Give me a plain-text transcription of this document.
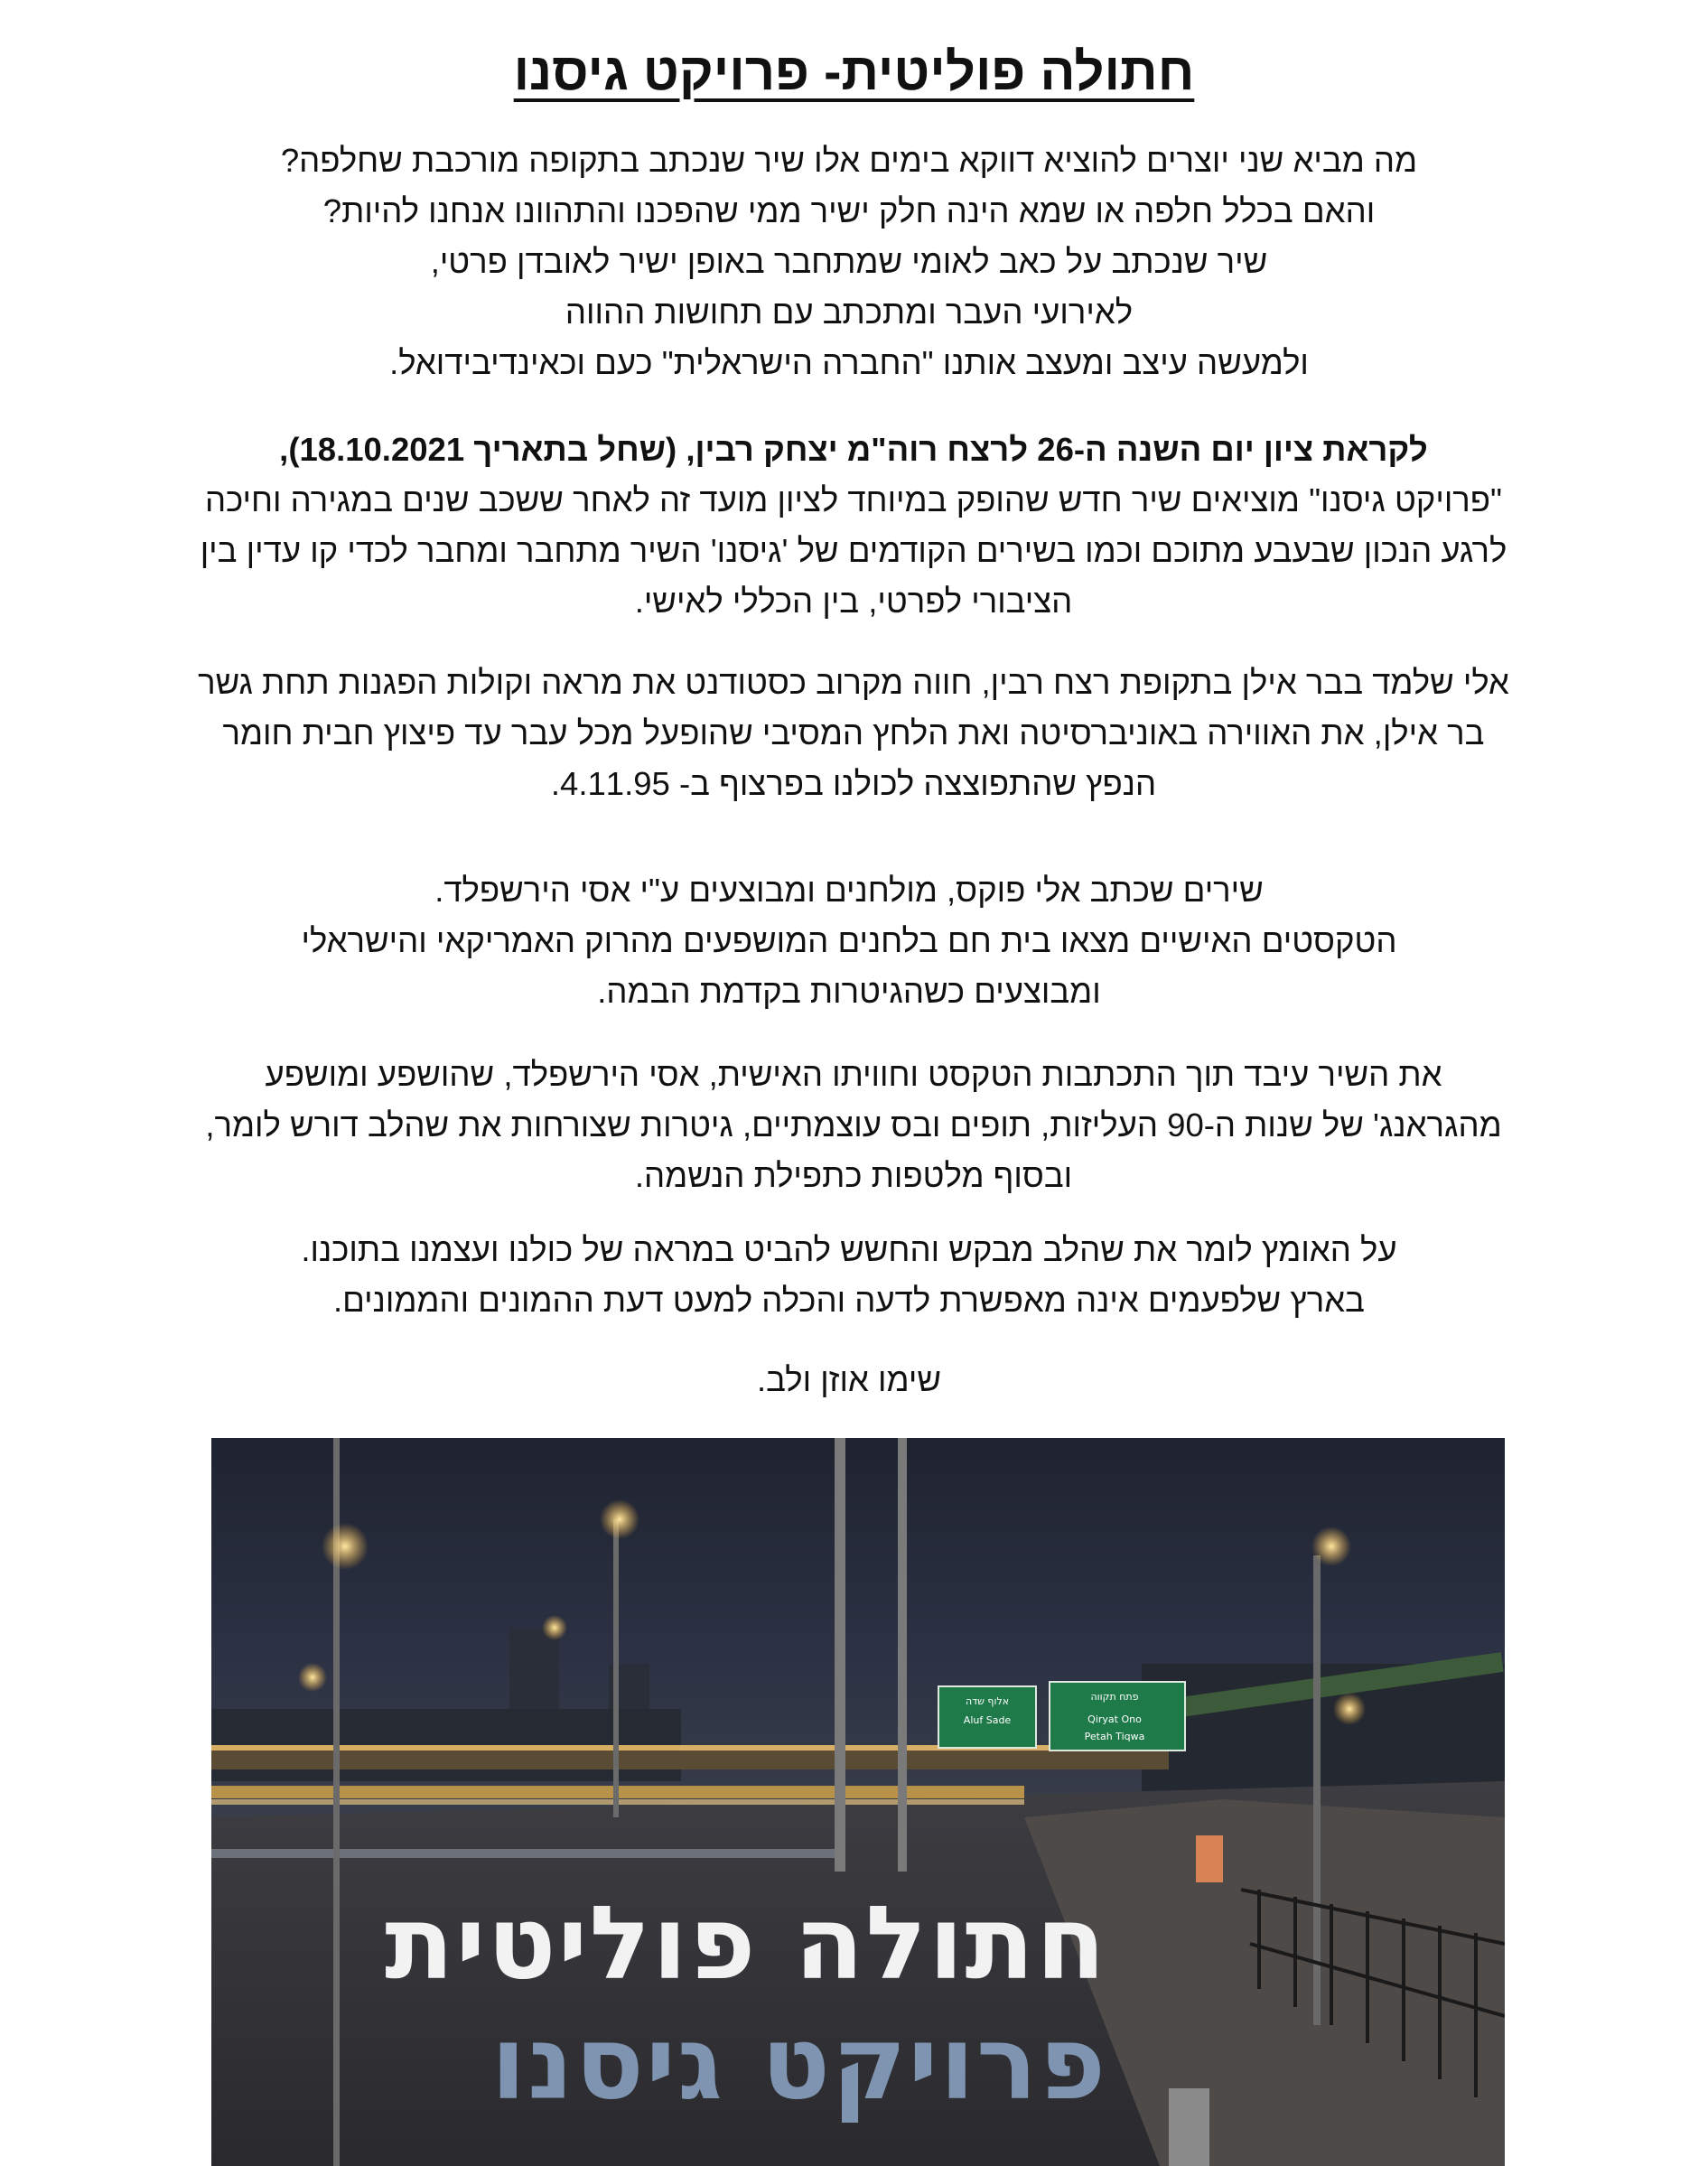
חתולה פוליטית- פרויקט גיסנו

מה מביא שני יוצרים להוציא דווקא בימים אלו שיר שנכתב בתקופה מורכבת שחלפה?
והאם בכלל חלפה או שמא הינה חלק ישיר ממי שהפכנו והתהוונו אנחנו להיות?
שיר שנכתב על כאב לאומי שמתחבר באופן ישיר לאובדן פרטי,
לאירועי העבר ומתכתב עם תחושות ההווה
ולמעשה עיצב ומעצב אותנו "החברה הישראלית" כעם וכאינדיבידואל.

לקראת ציון יום השנה ה-26 לרצח רוה"מ יצחק רבין, (שחל בתאריך 18.10.2021),
"פרויקט גיסנו" מוציאים שיר חדש שהופק במיוחד לציון מועד זה לאחר ששכב שנים במגירה וחיכה
לרגע הנכון שבעבע מתוכם וכמו בשירים הקודמים של 'גיסנו' השיר מתחבר ומחבר לכדי קו עדין בין
הציבורי לפרטי, בין הכללי לאישי.

אלי שלמד בבר אילן בתקופת רצח רבין, חווה מקרוב כסטודנט את מראה וקולות הפגנות תחת גשר
בר אילן, את האווירה באוניברסיטה ואת הלחץ המסיבי שהופעל מכל עבר עד פיצוץ חבית חומר
הנפץ שהתפוצצה לכולנו בפרצוף ב- 4.11.95.

שירים שכתב אלי פוקס, מולחנים ומבוצעים ע"י אסי הירשפלד.
הטקסטים האישיים מצאו בית חם בלחנים המושפעים מהרוק האמריקאי והישראלי
ומבוצעים כשהגיטרות בקדמת הבמה.

את השיר עיבד תוך התכתבות הטקסט וחוויתו האישית, אסי הירשפלד, שהושפע ומושפע
מהגראנג' של שנות ה-90 העליזות, תופים ובס עוצמתיים, גיטרות שצורחות את שהלב דורש לומר,
ובסוף מלטפות כתפילת הנשמה.

על האומץ לומר את שהלב מבקש והחשש להביט במראה של כולנו ועצמנו בתוכנו.
בארץ שלפעמים אינה מאפשרת לדעה והכלה למעט דעת ההמונים והממונים.

שימו אוזן ולב.

אלוף שדה
Aluf Sade
פתח תקווה
Qiryat Ono
Petah Tiqwa

חתולה פוליטית

פרויקט גיסנו
